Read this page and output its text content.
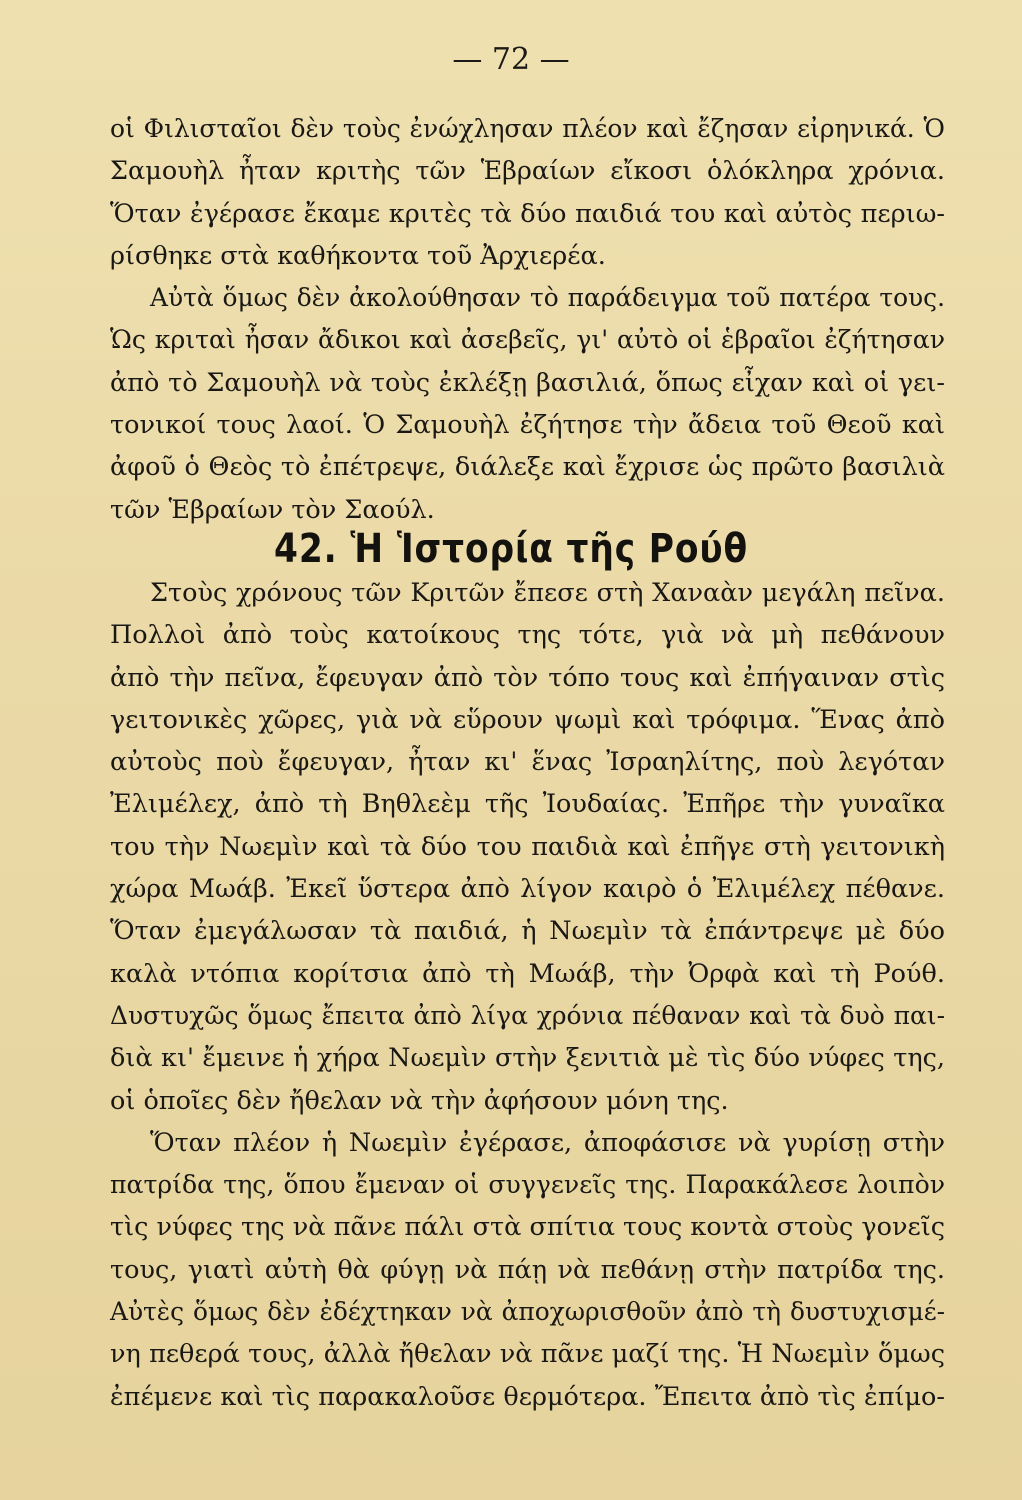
— 72 —
οἱ Φιλισταῖοι δὲν τοὺς ἐνώχλησαν πλέον καὶ ἔζησαν εἰρηνικά. Ὁ
Σαμουὴλ ἦταν κριτὴς τῶν Ἑβραίων εἴκοσι ὁλόκληρα χρόνια.
Ὅταν ἐγέρασε ἔκαμε κριτὲς τὰ δύο παιδιά του καὶ αὐτὸς περιω-
ρίσθηκε στὰ καθήκοντα τοῦ Ἀρχιερέα.
Αὐτὰ ὅμως δὲν ἀκολούθησαν τὸ παράδειγμα τοῦ πατέρα τους.
Ὡς κριταὶ ἦσαν ἄδικοι καὶ ἀσεβεῖς, γι' αὐτὸ οἱ ἑβραῖοι ἐζήτησαν
ἀπὸ τὸ Σαμουὴλ νὰ τοὺς ἐκλέξῃ βασιλιά, ὅπως εἶχαν καὶ οἱ γει-
τονικοί τους λαοί. Ὁ Σαμουὴλ ἐζήτησε τὴν ἄδεια τοῦ Θεοῦ καὶ
ἀφοῦ ὁ Θεὸς τὸ ἐπέτρεψε, διάλεξε καὶ ἔχρισε ὡς πρῶτο βασιλιὰ
τῶν Ἑβραίων τὸν Σαούλ.
42. Ἡ Ἱστορία τῆς Ρούθ
Στοὺς χρόνους τῶν Κριτῶν ἔπεσε στὴ Χαναὰν μεγάλη πεῖνα.
Πολλοὶ ἀπὸ τοὺς κατοίκους της τότε, γιὰ νὰ μὴ πεθάνουν
ἀπὸ τὴν πεῖνα, ἔφευγαν ἀπὸ τὸν τόπο τους καὶ ἐπήγαιναν στὶς
γειτονικὲς χῶρες, γιὰ νὰ εὕρουν ψωμὶ καὶ τρόφιμα. Ἕνας ἀπὸ
αὐτοὺς ποὺ ἔφευγαν, ἦταν κι' ἕνας Ἰσραηλίτης, ποὺ λεγόταν
Ἐλιμέλεχ, ἀπὸ τὴ Βηθλεὲμ τῆς Ἰουδαίας. Ἐπῆρε τὴν γυναῖκα
του τὴν Νωεμὶν καὶ τὰ δύο του παιδιὰ καὶ ἐπῆγε στὴ γειτονικὴ
χώρα Μωάβ. Ἐκεῖ ὕστερα ἀπὸ λίγον καιρὸ ὁ Ἐλιμέλεχ πέθανε.
Ὅταν ἐμεγάλωσαν τὰ παιδιά, ἡ Νωεμὶν τὰ ἐπάντρεψε μὲ δύο
καλὰ ντόπια κορίτσια ἀπὸ τὴ Μωάβ, τὴν Ὀρφὰ καὶ τὴ Ρούθ.
Δυστυχῶς ὅμως ἔπειτα ἀπὸ λίγα χρόνια πέθαναν καὶ τὰ δυὸ παι-
διὰ κι' ἔμεινε ἡ χήρα Νωεμὶν στὴν ξενιτιὰ μὲ τὶς δύο νύφες της,
οἱ ὁποῖες δὲν ἤθελαν νὰ τὴν ἀφήσουν μόνη της.
Ὅταν πλέον ἡ Νωεμὶν ἐγέρασε, ἀποφάσισε νὰ γυρίσῃ στὴν
πατρίδα της, ὅπου ἔμεναν οἱ συγγενεῖς της. Παρακάλεσε λοιπὸν
τὶς νύφες της νὰ πᾶνε πάλι στὰ σπίτια τους κοντὰ στοὺς γονεῖς
τους, γιατὶ αὐτὴ θὰ φύγῃ νὰ πάῃ νὰ πεθάνῃ στὴν πατρίδα της.
Αὐτὲς ὅμως δὲν ἐδέχτηκαν νὰ ἀποχωρισθοῦν ἀπὸ τὴ δυστυχισμέ-
νη πεθερά τους, ἀλλὰ ἤθελαν νὰ πᾶνε μαζί της. Ἡ Νωεμὶν ὅμως
ἐπέμενε καὶ τὶς παρακαλοῦσε θερμότερα. Ἔπειτα ἀπὸ τὶς ἐπίμο-
